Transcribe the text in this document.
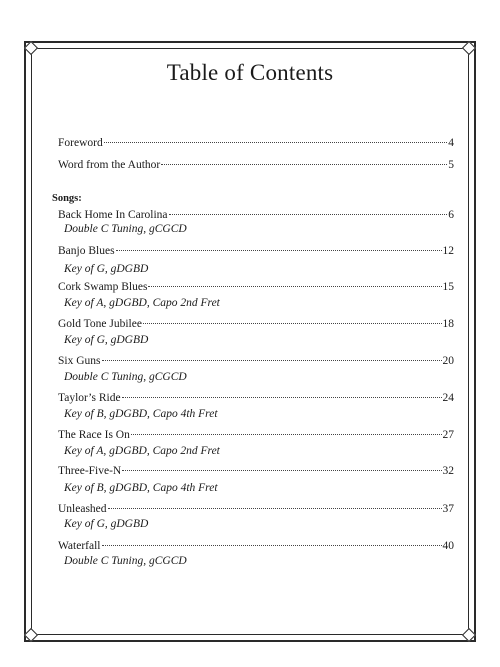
Table of Contents
Foreword	4
Word from the Author	5
Songs:
Back Home In Carolina	6
Double C Tuning, gCGCD
Banjo Blues	12
Key of G, gDGBD
Cork Swamp Blues	15
Key of A, gDGBD, Capo 2nd Fret
Gold Tone Jubilee	18
Key of G, gDGBD
Six Guns	20
Double C Tuning, gCGCD
Taylor’s Ride	24
Key of B, gDGBD, Capo 4th Fret
The Race Is On	27
Key of A, gDGBD, Capo 2nd Fret
Three-Five-N	32
Key of B, gDGBD, Capo 4th Fret
Unleashed	37
Key of G, gDGBD
Waterfall	40
Double C Tuning, gCGCD
